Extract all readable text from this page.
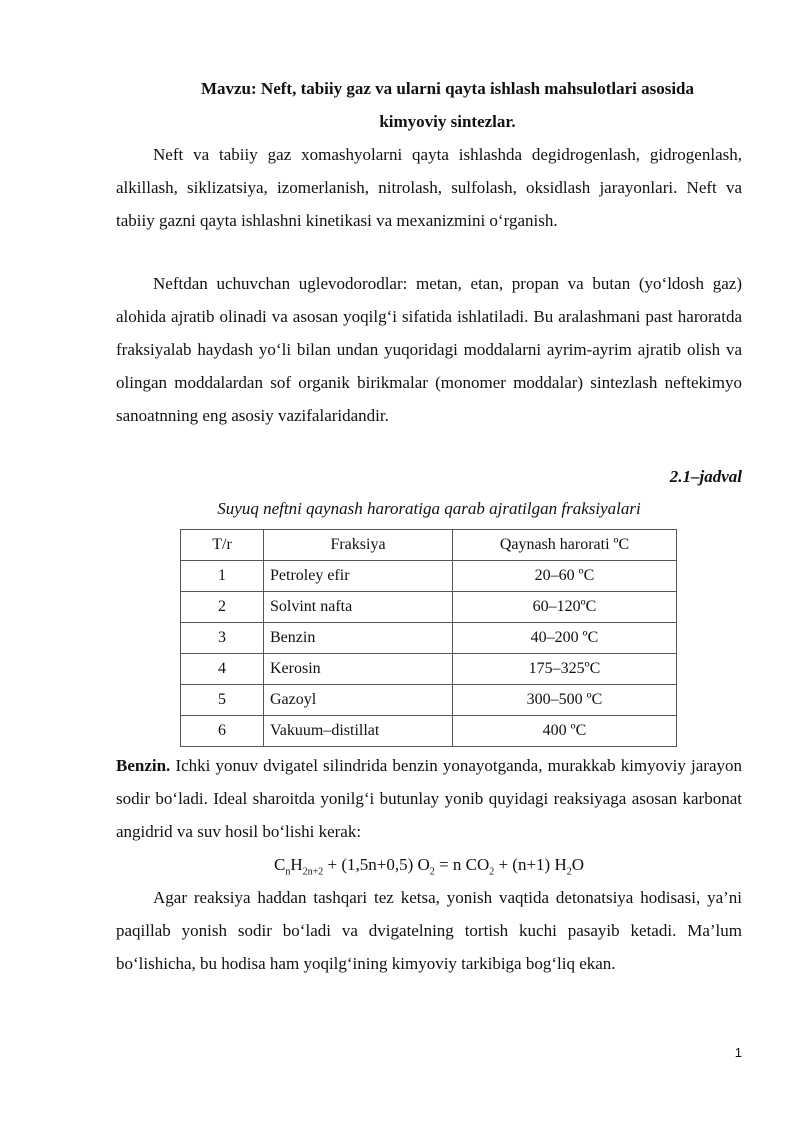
Mavzu: Neft, tabiiy gaz va ularni qayta ishlash mahsulotlari asosida
kimyoviy sintezlar.

Neft va tabiiy gaz xomashyolarni qayta ishlashda degidrogenlash, gidrogenlash, alkillash, siklizatsiya, izomerlanish, nitrolash, sulfolash, oksidlash jarayonlari. Neft va tabiiy gazni qayta ishlashni kinetikasi va mexanizmini o‘rganish.

Neftdan uchuvchan uglevodorodlar: metan, etan, propan va butan (yo‘ldosh gaz) alohida ajratib olinadi va asosan yoqilg‘i sifatida ishlatiladi. Bu aralashmani past haroratda fraksiyalab haydash yo‘li bilan undan yuqoridagi moddalarni ayrim-ayrim ajratib olish va olingan moddalardan sof organik birikmalar (monomer moddalar) sintezlash neftekimyo sanoatnning eng asosiy vazifalaridandir.

2.1–jadval
Suyuq neftni qaynash haroratiga qarab ajratilgan fraksiyalari
T/r	Fraksiya	Qaynash harorati ºC
1	Petroley efir	20–60 ºC
2	Solvint nafta	60–120ºC
3	Benzin	40–200 ºC
4	Kerosin	175–325ºC
5	Gazoyl	300–500 ºC
6	Vakuum–distillat	400 ºC

Benzin. Ichki yonuv dvigatel silindrida benzin yonayotganda, murakkab kimyoviy jarayon sodir bo‘ladi. Ideal sharoitda yonilg‘i butunlay yonib quyidagi reaksiyaga asosan karbonat angidrid va suv hosil bo‘lishi kerak:

$C_nH_{2n+2} + (1,5n+0,5) O_2 = n$ $CO_2 + (n+1)$ $H_2O$

Agar reaksiya haddan tashqari tez ketsa, yonish vaqtida detonatsiya hodisasi, ya’ni paqillab yonish sodir bo‘ladi va dvigatelning tortish kuchi pasayib ketadi. Ma’lum bo‘lishicha, bu hodisa ham yoqilg‘ining kimyoviy tarkibiga bog‘liq ekan.

1
